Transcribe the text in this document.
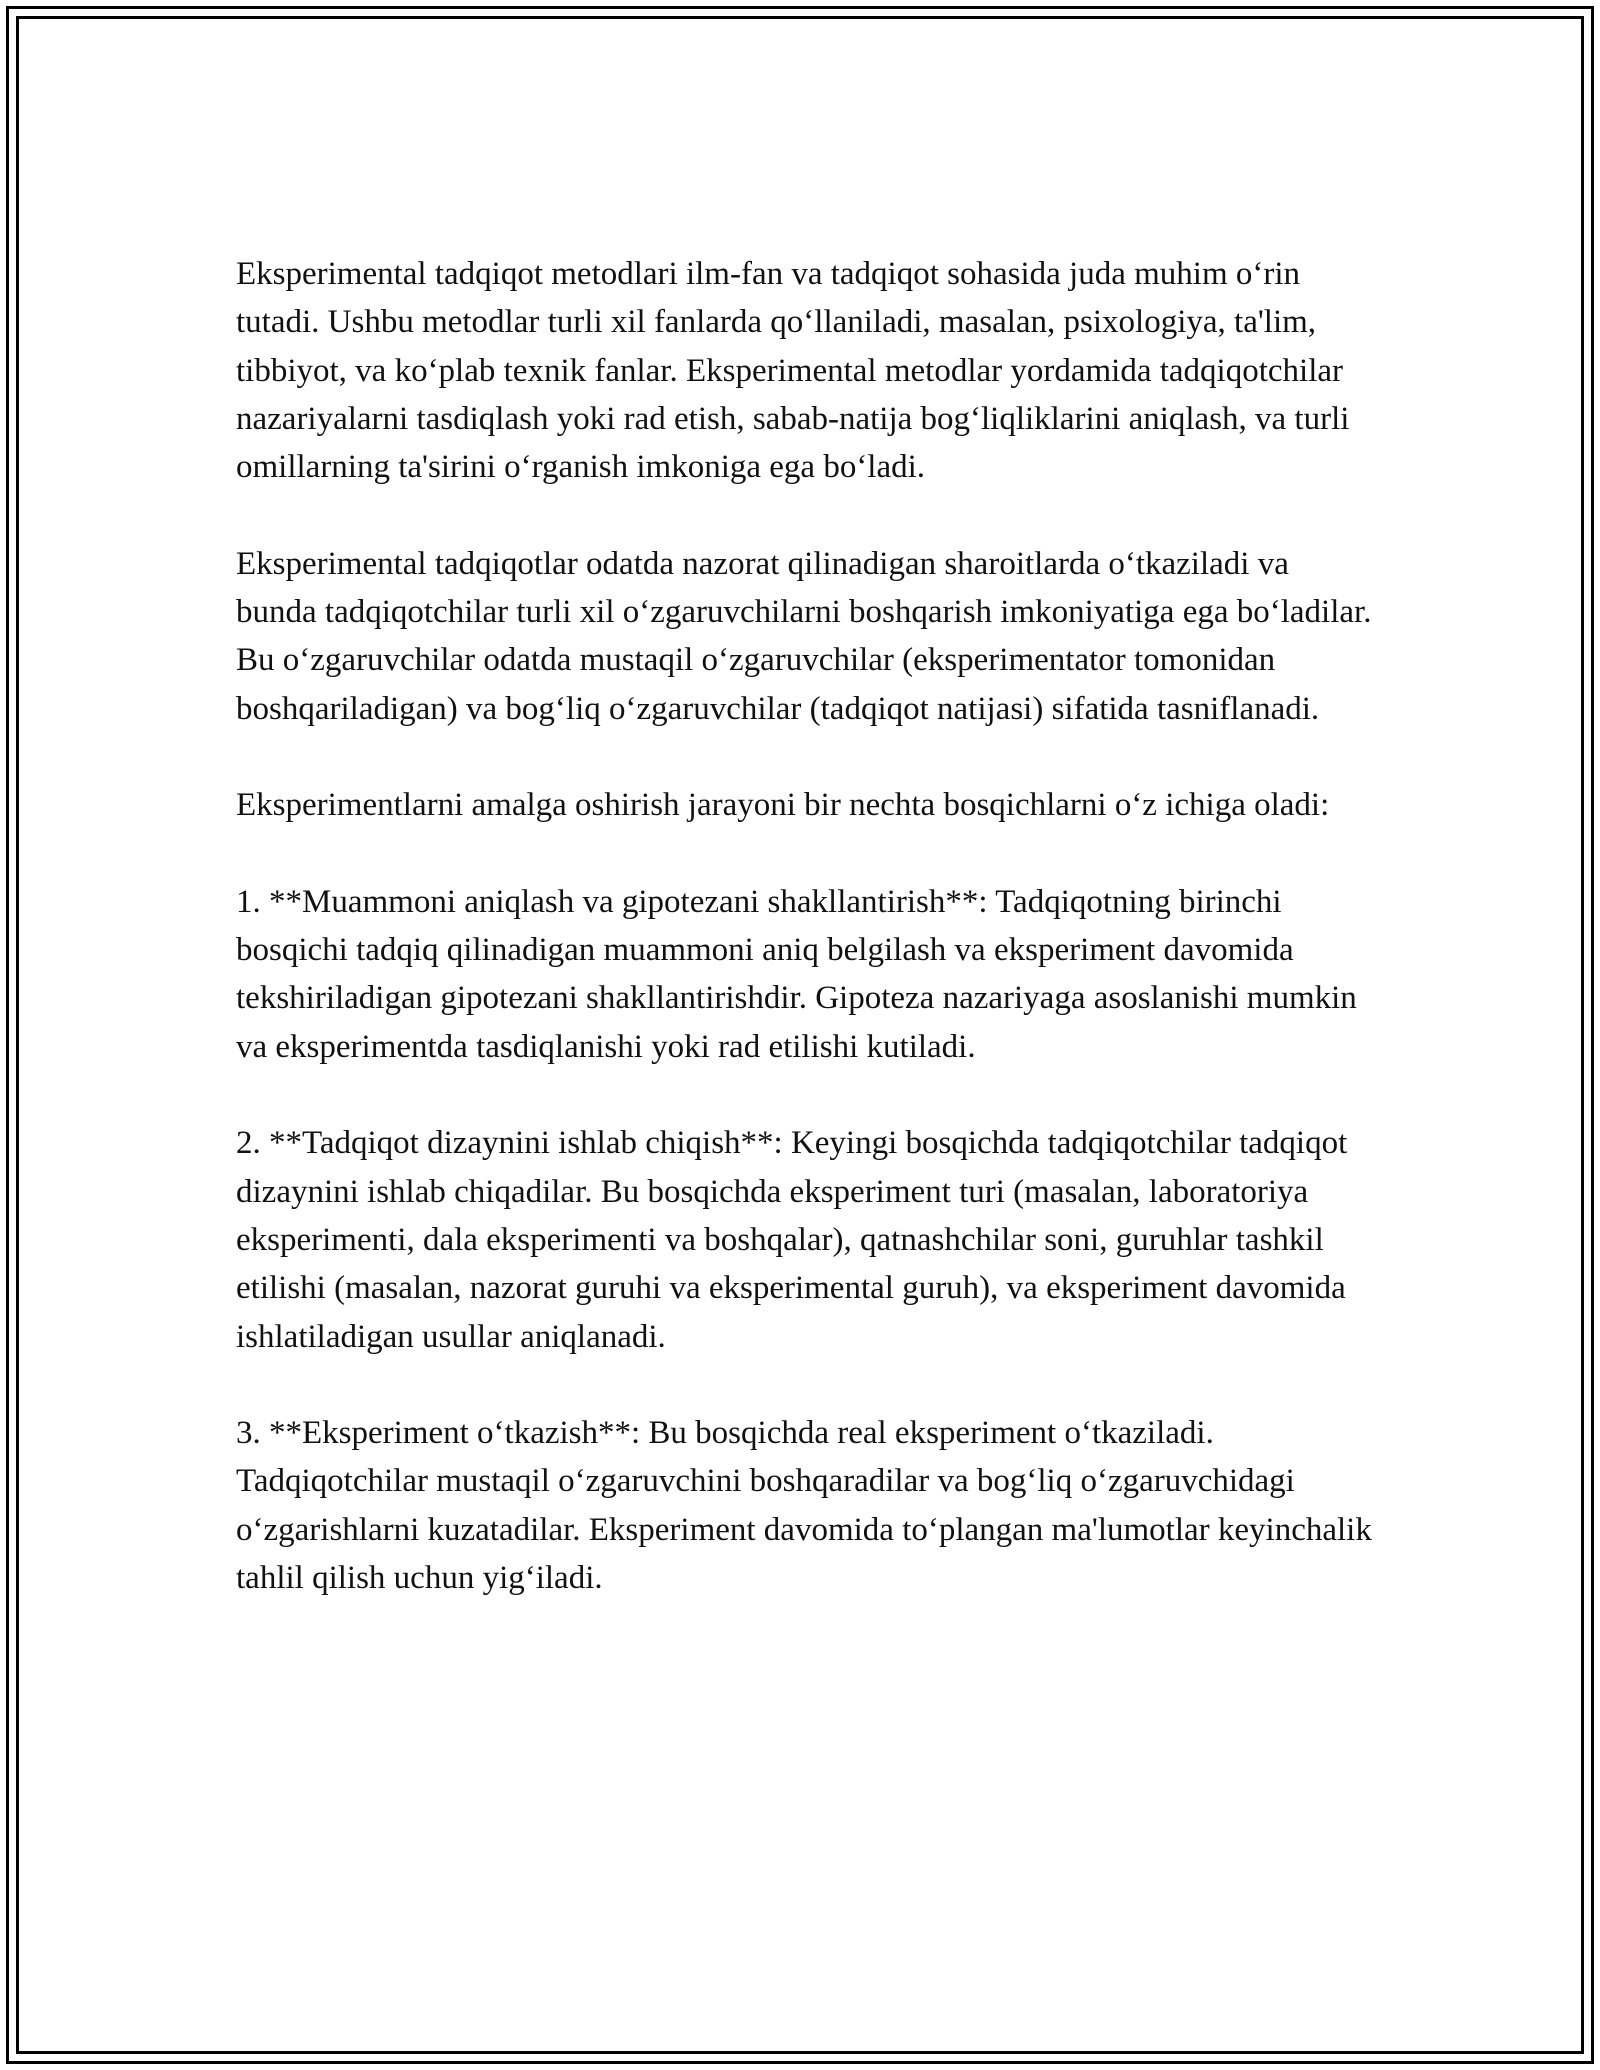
Eksperimental tadqiqot metodlari ilm-fan va tadqiqot sohasida juda muhim o‘rin tutadi. Ushbu metodlar turli xil fanlarda qo‘llaniladi, masalan, psixologiya, ta'lim, tibbiyot, va ko‘plab texnik fanlar. Eksperimental metodlar yordamida tadqiqotchilar nazariyalarni tasdiqlash yoki rad etish, sabab-natija bog‘liqliklarini aniqlash, va turli omillarning ta'sirini o‘rganish imkoniga ega bo‘ladi.

Eksperimental tadqiqotlar odatda nazorat qilinadigan sharoitlarda o‘tkaziladi va bunda tadqiqotchilar turli xil o‘zgaruvchilarni boshqarish imkoniyatiga ega bo‘ladilar. Bu o‘zgaruvchilar odatda mustaqil o‘zgaruvchilar (eksperimentator tomonidan boshqariladigan) va bog‘liq o‘zgaruvchilar (tadqiqot natijasi) sifatida tasniflanadi.

Eksperimentlarni amalga oshirish jarayoni bir nechta bosqichlarni o‘z ichiga oladi:

1. **Muammoni aniqlash va gipotezani shakllantirish**: Tadqiqotning birinchi bosqichi tadqiq qilinadigan muammoni aniq belgilash va eksperiment davomida tekshiriladigan gipotezani shakllantirishdir. Gipoteza nazariyaga asoslanishi mumkin va eksperimentda tasdiqlanishi yoki rad etilishi kutiladi.

2. **Tadqiqot dizaynini ishlab chiqish**: Keyingi bosqichda tadqiqotchilar tadqiqot dizaynini ishlab chiqadilar. Bu bosqichda eksperiment turi (masalan, laboratoriya eksperimenti, dala eksperimenti va boshqalar), qatnashchilar soni, guruhlar tashkil etilishi (masalan, nazorat guruhi va eksperimental guruh), va eksperiment davomida ishlatiladigan usullar aniqlanadi.

3. **Eksperiment o‘tkazish**: Bu bosqichda real eksperiment o‘tkaziladi. Tadqiqotchilar mustaqil o‘zgaruvchini boshqaradilar va bog‘liq o‘zgaruvchidagi o‘zgarishlarni kuzatadilar. Eksperiment davomida to‘plangan ma'lumotlar keyinchalik tahlil qilish uchun yig‘iladi.
